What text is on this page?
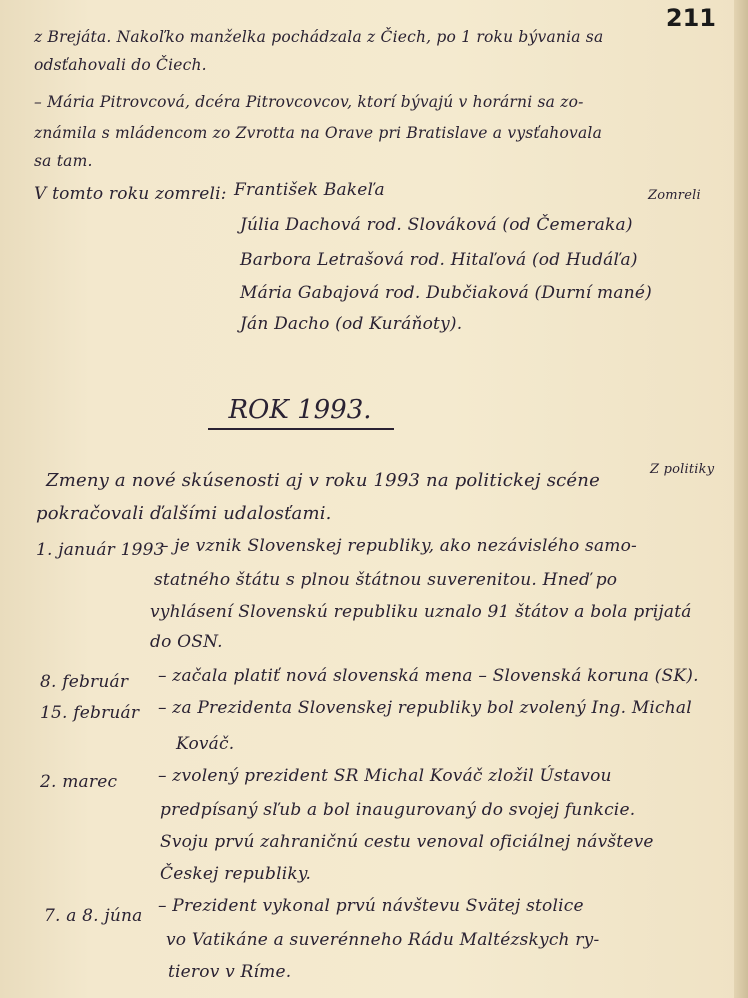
211
z Brejáta. Nakoľko manželka pochádzala z Čiech, po 1 roku bývania sa
odsťahovali do Čiech.
– Mária Pitrovcová, dcéra Pitrovcovcov, ktorí bývajú v horárni sa zo-
známila s mládencom zo Zvrotta na Orave pri Bratislave a vysťahovala
sa tam.
V tomto roku zomreli:	Zomreli
František Bakeľa
Júlia Dachová rod. Slováková (od Čemeraka)
Barbora Letrašová rod. Hitaľová (od Hudáľa)
Mária Gabajová rod. Dubčiaková (Durní mané)
Ján Dacho (od Kuráňoty).
ROK 1993.
Zmeny a nové skúsenosti aj v roku 1993 na politickej scéne
pokračovali ďalšími udalosťami.
Z politiky
1. január 1993
– je vznik Slovenskej republiky, ako nezávislého samo-
statného štátu s plnou štátnou suverenitou. Hneď po
vyhlásení Slovenskú republiku uznalo 91 štátov a bola prijatá
do OSN.
8. február – začala platiť nová slovenská mena – Slovenská koruna (SK).
15. február – za Prezidenta Slovenskej republiky bol zvolený Ing. Michal
Kováč.
2. marec – zvolený prezident SR Michal Kováč zložil Ústavou
predpísaný sľub a bol inaugurovaný do svojej funkcie.
Svoju prvú zahraničnú cestu venoval oficiálnej návšteve
Českej republiky.
7. a 8. júna – Prezident vykonal prvú návštevu Svätej stolice
vo Vatikáne a suverénneho Rádu Maltézskych ry-
tierov v Ríme.
